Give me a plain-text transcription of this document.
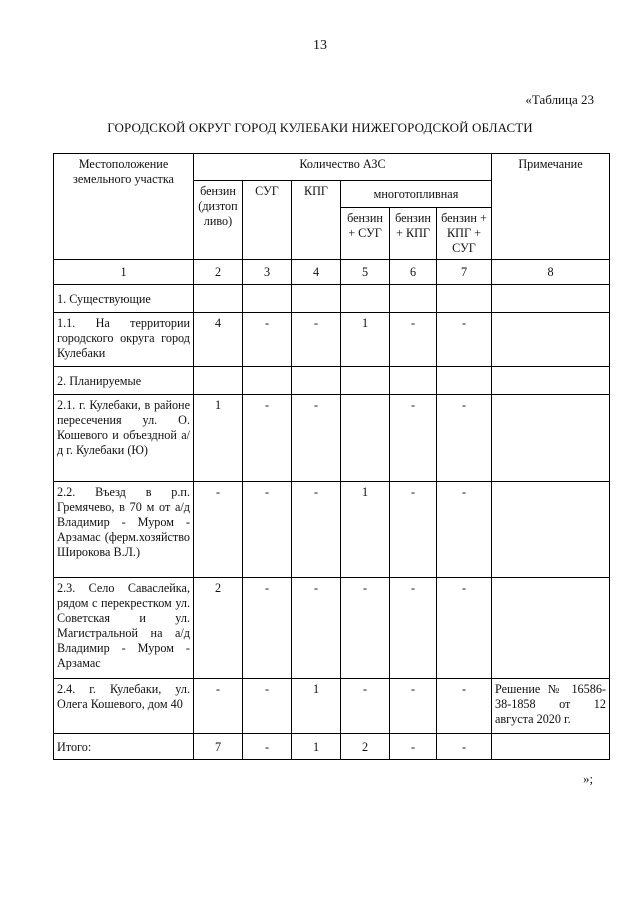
13
«Таблица 23
ГОРОДСКОЙ ОКРУГ ГОРОД КУЛЕБАКИ НИЖЕГОРОДСКОЙ ОБЛАСТИ
Местоположение земельного участка	Количество АЗС						Примечание
	бензин (дизтоп ливо)	СУГ	КПГ	многотопливная			
				бензин + СУГ	бензин + КПГ	бензин + КПГ + СУГ	
1	2	3	4	5	6	7	8
1. Существующие							
1.1. На территории городского округа город Кулебаки	4	-	-	1	-	-	
2. Планируемые							
2.1. г. Кулебаки, в районе пересечения ул. О. Кошевого и объездной а/д г. Кулебаки (Ю)	1	-	-		-	-	
2.2. Въезд в р.п. Гремячево, в 70 м от а/д Владимир - Муром - Арзамас (ферм.хозяйство Широкова В.Л.)	-	-	-	1	-	-	
2.3. Село Саваслейка, рядом с перекрестком ул. Советская и ул. Магистральной на а/д Владимир - Муром - Арзамас	2	-	-	-	-	-	
2.4. г. Кулебаки, ул. Олега Кошевого, дом 40	-	-	1	-	-	-	Решение № 16586-38-1858 от 12 августа 2020 г.
Итого:	7	-	1	2	-	-	
»;
